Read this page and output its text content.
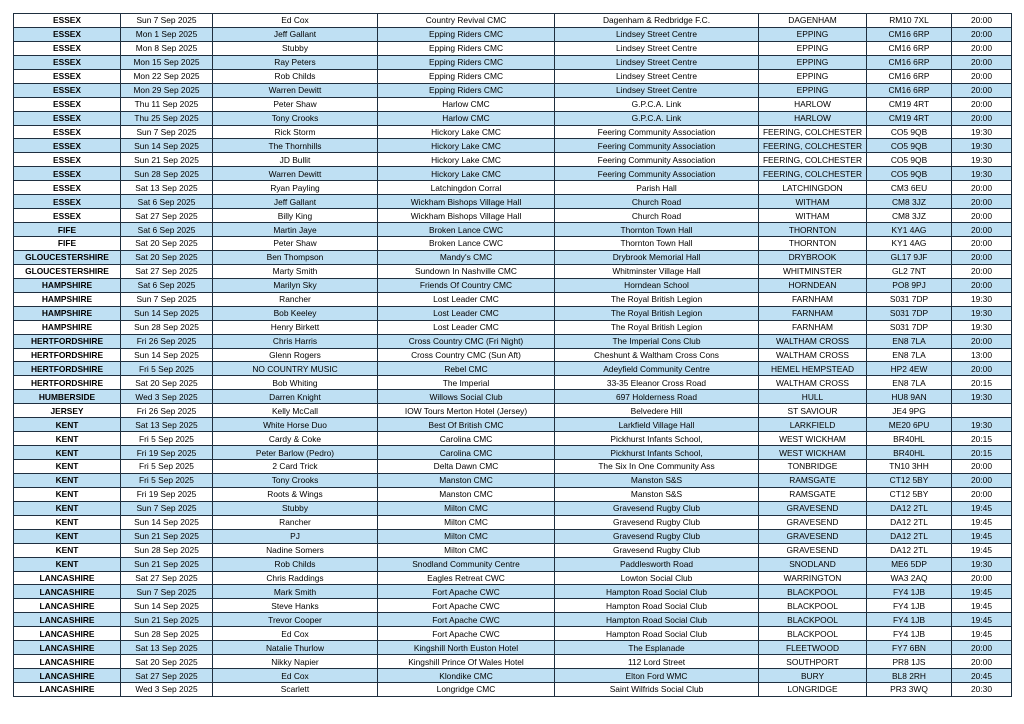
ESSEX	Sun 7 Sep 2025	Ed Cox	Country Revival CMC	Dagenham & Redbridge F.C.	DAGENHAM	RM10 7XL	20:00
ESSEX	Mon 1 Sep 2025	Jeff Gallant	Epping Riders CMC	Lindsey Street Centre	EPPING	CM16 6RP	20:00
ESSEX	Mon 8 Sep 2025	Stubby	Epping Riders CMC	Lindsey Street Centre	EPPING	CM16 6RP	20:00
ESSEX	Mon 15 Sep 2025	Ray Peters	Epping Riders CMC	Lindsey Street Centre	EPPING	CM16 6RP	20:00
ESSEX	Mon 22 Sep 2025	Rob Childs	Epping Riders CMC	Lindsey Street Centre	EPPING	CM16 6RP	20:00
ESSEX	Mon 29 Sep 2025	Warren Dewitt	Epping Riders CMC	Lindsey Street Centre	EPPING	CM16 6RP	20:00
ESSEX	Thu 11 Sep 2025	Peter Shaw	Harlow CMC	G.P.C.A. Link	HARLOW	CM19 4RT	20:00
ESSEX	Thu 25 Sep 2025	Tony Crooks	Harlow CMC	G.P.C.A. Link	HARLOW	CM19 4RT	20:00
ESSEX	Sun 7 Sep 2025	Rick Storm	Hickory Lake CMC	Feering Community Association	FEERING, COLCHESTER	CO5 9QB	19:30
ESSEX	Sun 14 Sep 2025	The Thornhills	Hickory Lake CMC	Feering Community Association	FEERING, COLCHESTER	CO5 9QB	19:30
ESSEX	Sun 21 Sep 2025	JD Bullit	Hickory Lake CMC	Feering Community Association	FEERING, COLCHESTER	CO5 9QB	19:30
ESSEX	Sun 28 Sep 2025	Warren Dewitt	Hickory Lake CMC	Feering Community Association	FEERING, COLCHESTER	CO5 9QB	19:30
ESSEX	Sat 13 Sep 2025	Ryan Payling	Latchingdon Corral	Parish Hall	LATCHINGDON	CM3 6EU	20:00
ESSEX	Sat 6 Sep 2025	Jeff Gallant	Wickham Bishops Village Hall	Church Road	WITHAM	CM8 3JZ	20:00
ESSEX	Sat 27 Sep 2025	Billy King	Wickham Bishops Village Hall	Church Road	WITHAM	CM8 3JZ	20:00
FIFE	Sat 6 Sep 2025	Martin Jaye	Broken Lance CWC	Thornton Town Hall	THORNTON	KY1 4AG	20:00
FIFE	Sat 20 Sep 2025	Peter Shaw	Broken Lance CWC	Thornton Town Hall	THORNTON	KY1 4AG	20:00
GLOUCESTERSHIRE	Sat 20 Sep 2025	Ben Thompson	Mandy's CMC	Drybrook Memorial Hall	DRYBROOK	GL17 9JF	20:00
GLOUCESTERSHIRE	Sat 27 Sep 2025	Marty Smith	Sundown In Nashville CMC	Whitminster Village Hall	WHITMINSTER	GL2 7NT	20:00
HAMPSHIRE	Sat 6 Sep 2025	Marilyn Sky	Friends Of Country CMC	Horndean School	HORNDEAN	PO8 9PJ	20:00
HAMPSHIRE	Sun 7 Sep 2025	Rancher	Lost Leader CMC	The Royal British Legion	FARNHAM	S031 7DP	19:30
HAMPSHIRE	Sun 14 Sep 2025	Bob Keeley	Lost Leader CMC	The Royal British Legion	FARNHAM	S031 7DP	19:30
HAMPSHIRE	Sun 28 Sep 2025	Henry Birkett	Lost Leader CMC	The Royal British Legion	FARNHAM	S031 7DP	19:30
HERTFORDSHIRE	Fri 26 Sep 2025	Chris Harris	Cross Country CMC (Fri Night)	The Imperial Cons Club	WALTHAM CROSS	EN8 7LA	20:00
HERTFORDSHIRE	Sun 14 Sep 2025	Glenn Rogers	Cross Country CMC (Sun Aft)	Cheshunt & Waltham Cross Cons	WALTHAM CROSS	EN8 7LA	13:00
HERTFORDSHIRE	Fri 5 Sep 2025	NO COUNTRY MUSIC	Rebel CMC	Adeyfield Community Centre	HEMEL HEMPSTEAD	HP2 4EW	20:00
HERTFORDSHIRE	Sat 20 Sep 2025	Bob Whiting	The Imperial	33-35 Eleanor Cross Road	WALTHAM CROSS	EN8 7LA	20:15
HUMBERSIDE	Wed 3 Sep 2025	Darren Knight	Willows Social Club	697 Holderness Road	HULL	HU8 9AN	19:30
JERSEY	Fri 26 Sep 2025	Kelly McCall	IOW Tours Merton Hotel (Jersey)	Belvedere Hill	ST SAVIOUR	JE4 9PG	
KENT	Sat 13 Sep 2025	White Horse Duo	Best Of British CMC	Larkfield Village Hall	LARKFIELD	ME20 6PU	19:30
KENT	Fri 5 Sep 2025	Cardy & Coke	Carolina CMC	Pickhurst Infants School,	WEST WICKHAM	BR40HL	20:15
KENT	Fri 19 Sep 2025	Peter Barlow (Pedro)	Carolina CMC	Pickhurst Infants School,	WEST WICKHAM	BR40HL	20:15
KENT	Fri 5 Sep 2025	2 Card Trick	Delta Dawn CMC	The Six In One Community Ass	TONBRIDGE	TN10 3HH	20:00
KENT	Fri 5 Sep 2025	Tony Crooks	Manston CMC	Manston S&S	RAMSGATE	CT12 5BY	20:00
KENT	Fri 19 Sep 2025	Roots & Wings	Manston CMC	Manston S&S	RAMSGATE	CT12 5BY	20:00
KENT	Sun 7 Sep 2025	Stubby	Milton CMC	Gravesend Rugby Club	GRAVESEND	DA12 2TL	19:45
KENT	Sun 14 Sep 2025	Rancher	Milton CMC	Gravesend Rugby Club	GRAVESEND	DA12 2TL	19:45
KENT	Sun 21 Sep 2025	PJ	Milton CMC	Gravesend Rugby Club	GRAVESEND	DA12 2TL	19:45
KENT	Sun 28 Sep 2025	Nadine Somers	Milton CMC	Gravesend Rugby Club	GRAVESEND	DA12 2TL	19:45
KENT	Sun 21 Sep 2025	Rob Childs	Snodland Community Centre	Paddlesworth Road	SNODLAND	ME6 5DP	19:30
LANCASHIRE	Sat 27 Sep 2025	Chris Raddings	Eagles Retreat CWC	Lowton Social Club	WARRINGTON	WA3 2AQ	20:00
LANCASHIRE	Sun 7 Sep 2025	Mark Smith	Fort Apache CWC	Hampton Road Social Club	BLACKPOOL	FY4 1JB	19:45
LANCASHIRE	Sun 14 Sep 2025	Steve Hanks	Fort Apache CWC	Hampton Road Social Club	BLACKPOOL	FY4 1JB	19:45
LANCASHIRE	Sun 21 Sep 2025	Trevor Cooper	Fort Apache CWC	Hampton Road Social Club	BLACKPOOL	FY4 1JB	19:45
LANCASHIRE	Sun 28 Sep 2025	Ed Cox	Fort Apache CWC	Hampton Road Social Club	BLACKPOOL	FY4 1JB	19:45
LANCASHIRE	Sat 13 Sep 2025	Natalie Thurlow	Kingshill North Euston Hotel	The Esplanade	FLEETWOOD	FY7 6BN	20:00
LANCASHIRE	Sat 20 Sep 2025	Nikky Napier	Kingshill Prince Of Wales Hotel	112 Lord Street	SOUTHPORT	PR8 1JS	20:00
LANCASHIRE	Sat 27 Sep 2025	Ed Cox	Klondike CMC	Elton Ford WMC	BURY	BL8 2RH	20:45
LANCASHIRE	Wed 3 Sep 2025	Scarlett	Longridge CMC	Saint Wilfrids Social Club	LONGRIDGE	PR3 3WQ	20:30
